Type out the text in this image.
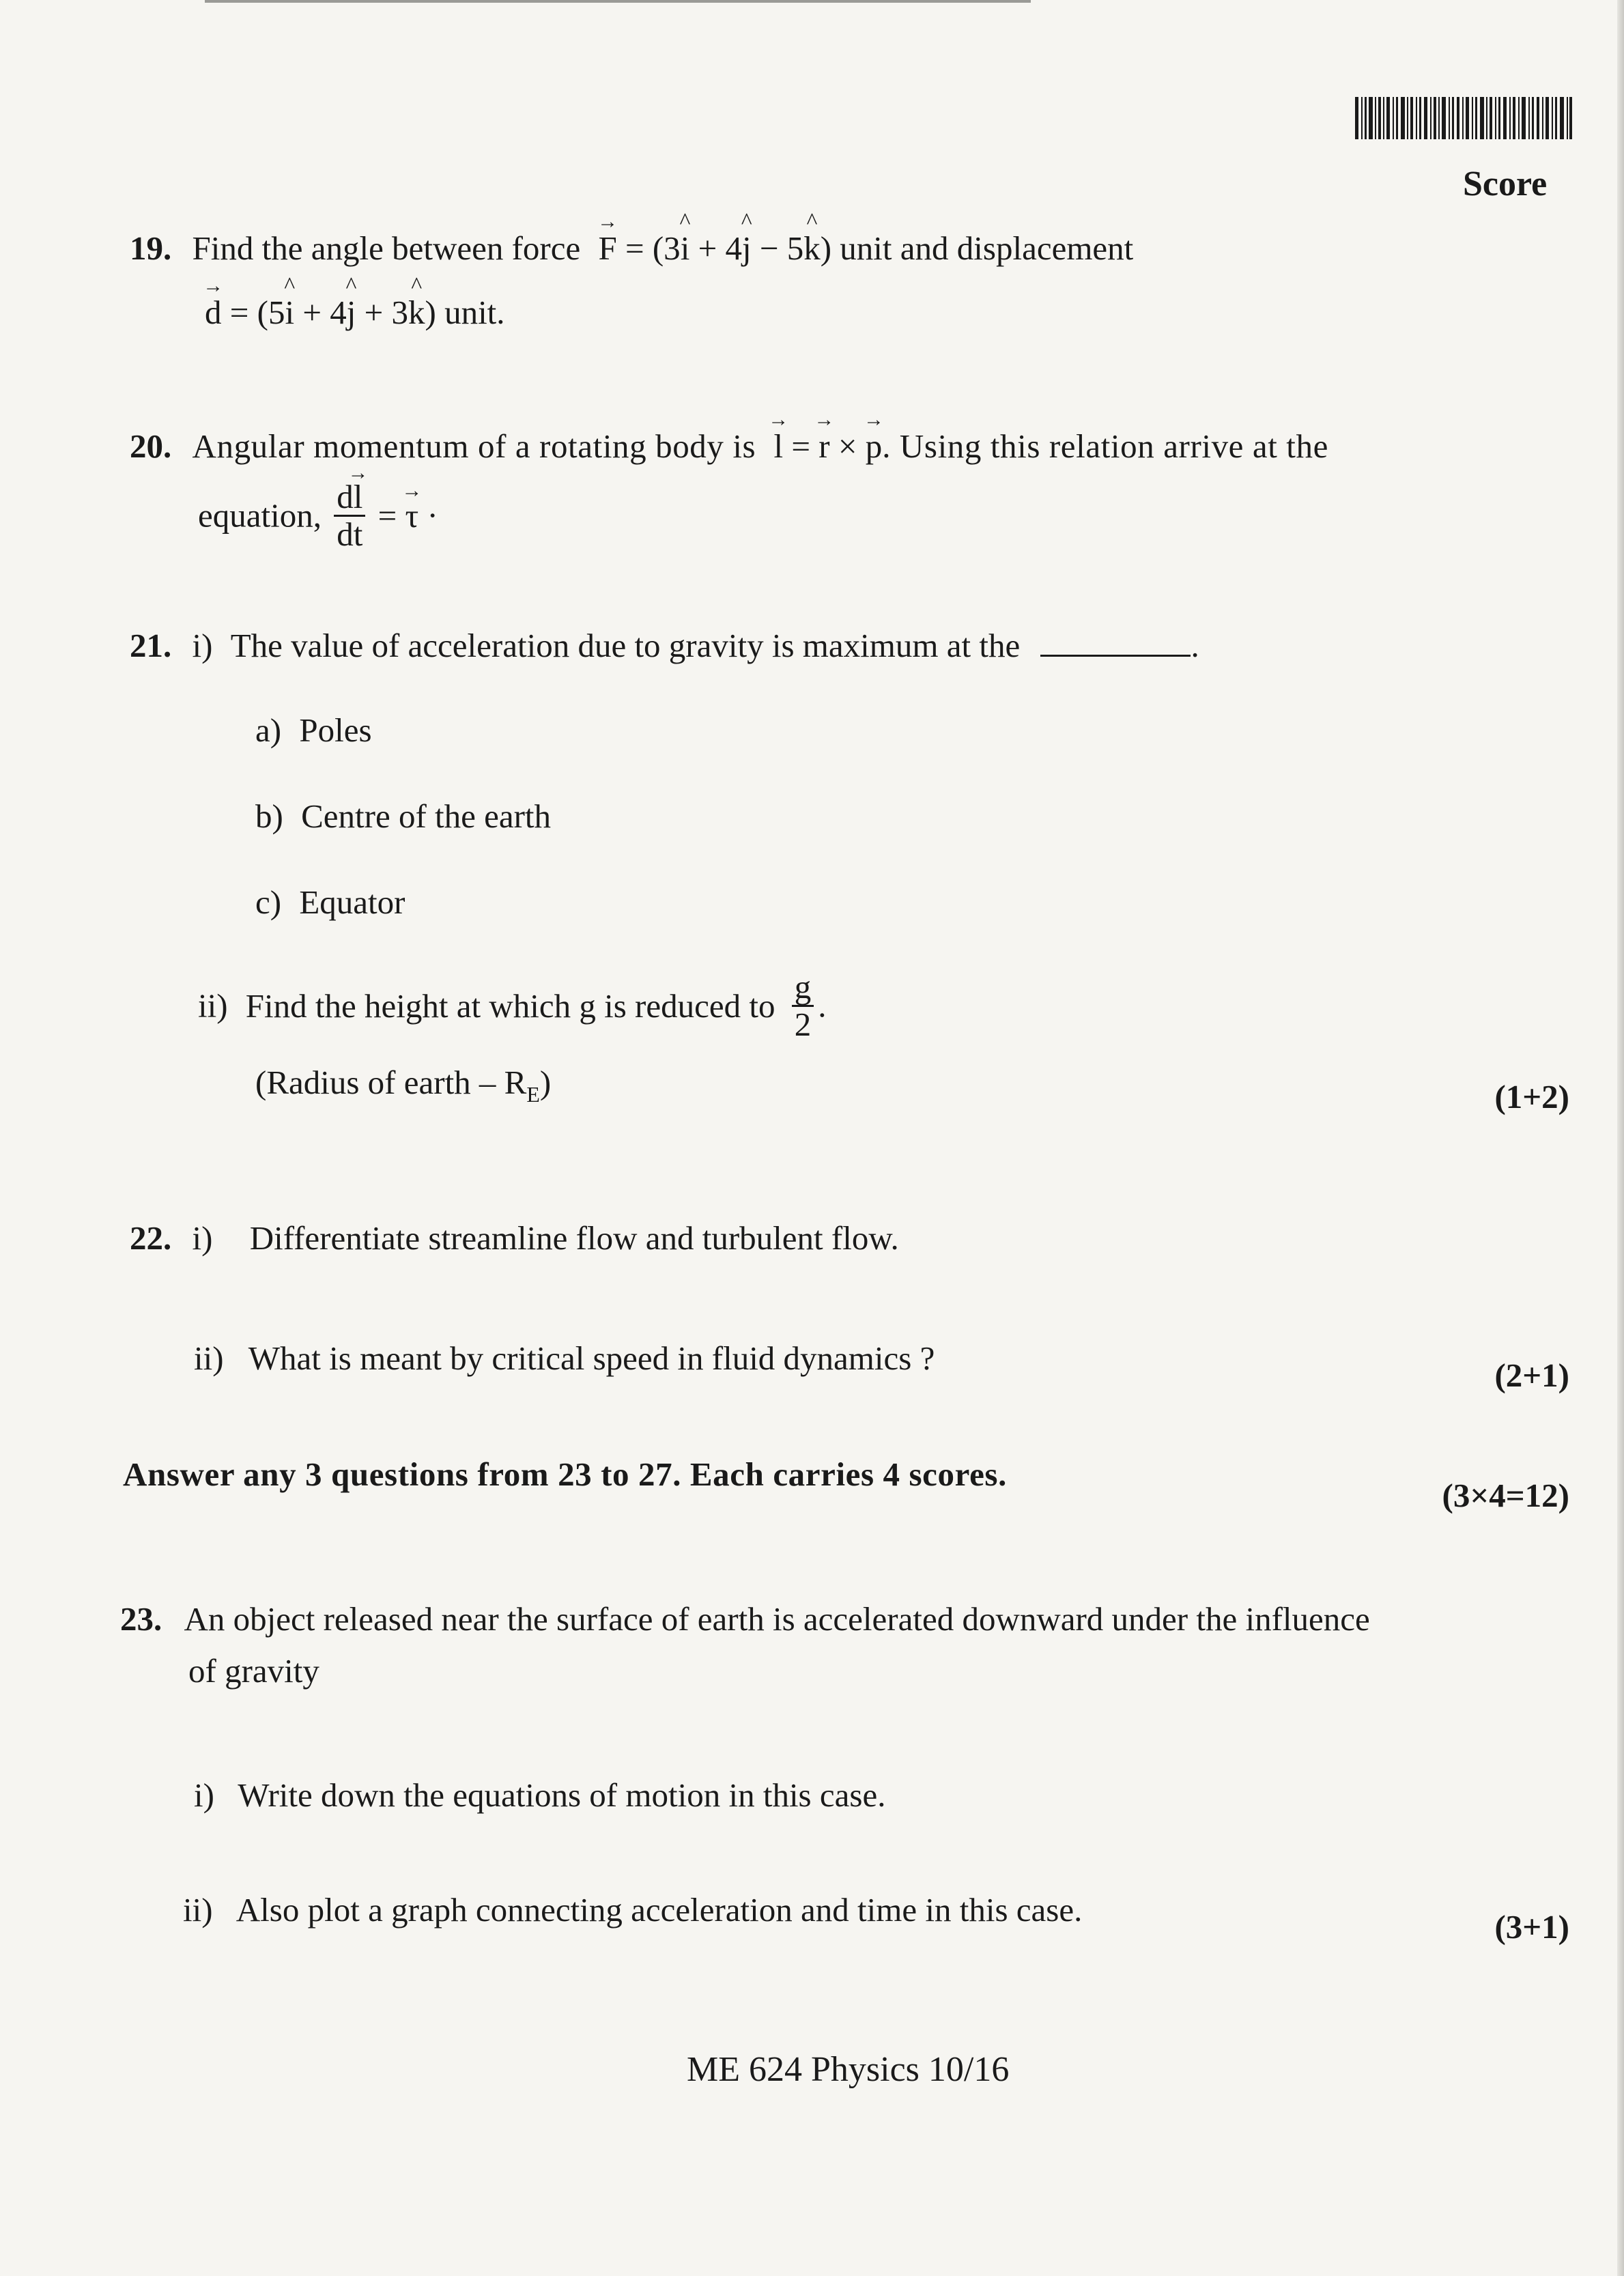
Score
19. Find the angle between force → F = (3^ i + 4^ j − 5^ k) unit and displacement
→ d = (5^ i + 4^ j + 3^ k) unit.
20. Angular momentum of a rotating body is → l = → r × → p. Using this relation arrive at the
equation, $\frac{d\to l}{dt}$ = → τ ·
21. i) The value of acceleration due to gravity is maximum at the	.
a) Poles
b) Centre of the earth
c) Equator
ii) Find the height at which g is reduced to $\frac{g}{2}$ .
(Radius of earth – $R_E$)	(1+2)
22. i) Differentiate streamline flow and turbulent flow.
ii) What is meant by critical speed in fluid dynamics ?	(2+1)
Answer any 3 questions from 23 to 27. Each carries 4 scores.
(3×4=12)
23. An object released near the surface of earth is accelerated downward under the influence
of gravity
i) Write down the equations of motion in this case.
ii) Also plot a graph connecting acceleration and time in this case.	(3+1)
ME 624 Physics 10/16
